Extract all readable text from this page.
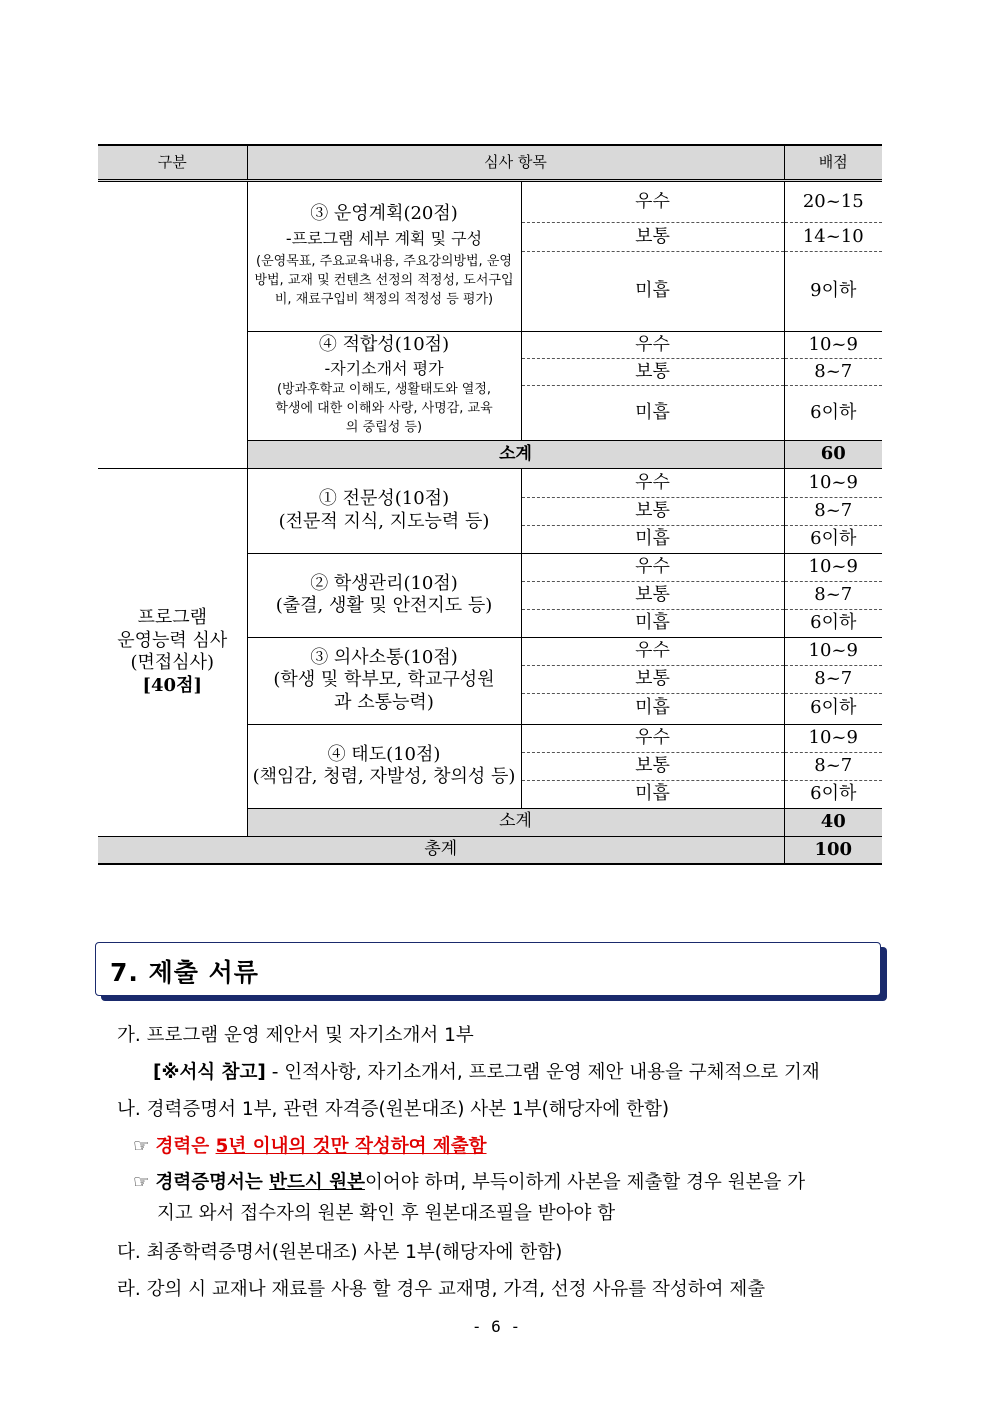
구분	심사 항목		배점

	③ 운영계획(20점)
-프로그램 세부 계획 및 구성
(운영목표, 주요교육내용, 주요강의방법, 운영방법, 교재 및 컨텐츠 선정의 적정성, 도서구입비, 재료구입비 책정의 적정성 등 평가)	우수	20~15
		보통	14~10
		미흡	9이하

	④ 적합성(10점)
-자기소개서 평가
(방과후학교 이해도, 생활태도와 열정, 학생에 대한 이해와 사랑, 사명감, 교육의 중립성 등)	우수	10~9
		보통	8~7
		미흡	6이하
	소계		60
프로그램
운영능력 심사
(면접심사)
[40점]	① 전문성(10점)
(전문적 지식, 지도능력 등)	우수	10~9
		보통	8~7
		미흡	6이하

	② 학생관리(10점)
(출결, 생활 및 안전지도 등)	우수	10~9
		보통	8~7
		미흡	6이하

	③ 의사소통(10점)
(학생 및 학부모, 학교구성원과 소통능력)	우수	10~9
		보통	8~7
		미흡	6이하

	④ 태도(10점)
(책임감, 청렴, 자발성, 창의성 등)	우수	10~9
		보통	8~7
		미흡	6이하
	소계		40
총계			100
7. 제출 서류
가. 프로그램 운영 제안서 및 자기소개서 1부
[※서식 참고] - 인적사항, 자기소개서, 프로그램 운영 제안 내용을 구체적으로 기재
나. 경력증명서 1부, 관련 자격증(원본대조) 사본 1부(해당자에 한함)
☞ 경력은 5년 이내의 것만 작성하여 제출함
☞ 경력증명서는 반드시 원본이어야 하며, 부득이하게 사본을 제출할 경우 원본을 가
지고 와서 접수자의 원본 확인 후 원본대조필을 받아야 함
다. 최종학력증명서(원본대조) 사본 1부(해당자에 한함)
라. 강의 시 교재나 재료를 사용 할 경우 교재명, 가격, 선정 사유를 작성하여 제출
- 6 -
